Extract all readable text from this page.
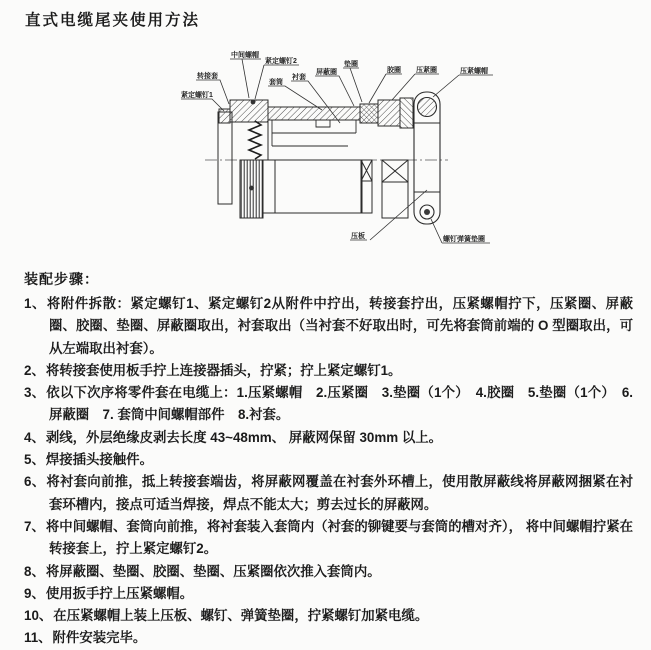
直式电缆尾夹使用方法
紧定螺钉1
转接套
中间螺帽
紧定螺钉2
套筒
衬套
屏蔽圈
垫圈
胶圈 压紧圈	压紧螺帽
压板	螺钉弹簧垫圈
装配步骤：
1、将附件拆散：紧定螺钉1、紧定螺钉2从附件中拧出，转接套拧出，压紧螺帽拧下，压紧圈、屏蔽圈、胶圈、垫圈、屏蔽圈取出，衬套取出（当衬套不好取出时，可先将套筒前端的 O 型圈取出，可从左端取出衬套）。
2、将转接套使用板手拧上连接器插头，拧紧；拧上紧定螺钉1。
3、依以下次序将零件套在电缆上：1.压紧螺帽　2.压紧圈　3.垫圈（1个）　4.胶圈　5.垫圈（1个）　6.屏蔽圈　7. 套筒中间螺帽部件　8.衬套。
4、剥线，外层绝缘皮剥去长度 43~48mm、 屏蔽网保留 30mm 以上。
5、焊接插头接触件。
6、将衬套向前推，抵上转接套端齿，将屏蔽网覆盖在衬套外环槽上，使用散屏蔽线将屏蔽网捆紧在衬套环槽内，接点可适当焊接，焊点不能太大；剪去过长的屏蔽网。
7、将中间螺帽、套筒向前推，将衬套装入套筒内（衬套的铆键要与套筒的槽对齐）， 将中间螺帽拧紧在转接套上，拧上紧定螺钉2。
8、将屏蔽圈、垫圈、胶圈、垫圈、压紧圈依次推入套筒内。
9、使用扳手拧上压紧螺帽。
10、在压紧螺帽上装上压板、螺钉、弹簧垫圈，拧紧螺钉加紧电缆。
11、附件安装完毕。
